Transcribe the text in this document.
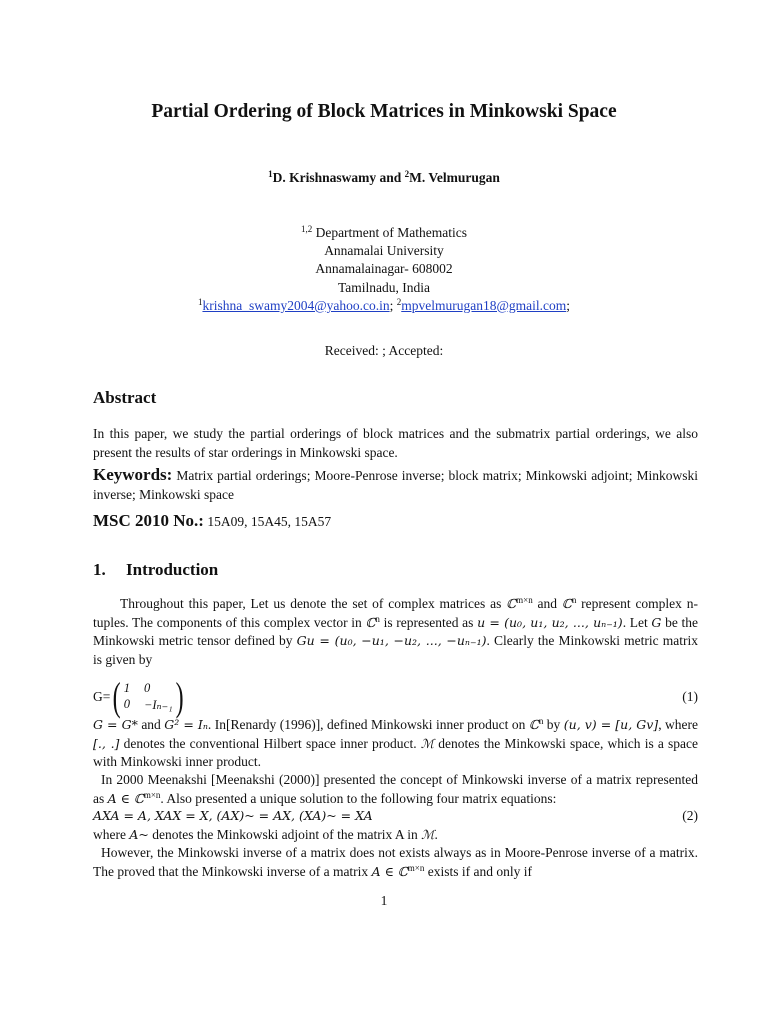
Partial Ordering of Block Matrices in Minkowski Space
$^1$D. Krishnaswamy and $^2$M. Velmurugan
$^{1,2}$ Department of Mathematics
Annamalai University
Annamalainagar- 608002
Tamilnadu, India
$^1$krishna_swamy2004@yahoo.co.in; $^2$mpvelmurugan18@gmail.com;
Received: ; Accepted:
Abstract
In this paper, we study the partial orderings of block matrices and the submatrix partial orderings, we also present the results of star orderings in Minkowski space.
Keywords: Matrix partial orderings; Moore-Penrose inverse; block matrix; Minkowski adjoint; Minkowski inverse; Minkowski space
MSC 2010 No.: 15A09, 15A45, 15A57
1. Introduction
Throughout this paper, Let us denote the set of complex matrices as ℂ$^{m\times n}$ and ℂ$^n$ represent complex n-tuples. The components of this complex vector in ℂ$^n$ is represented as u = (u₀, u₁, u₂, ..., uₙ₋₁). Let G be the Minkowski metric tensor defined by Gu = (u₀, −u₁, −u₂, ..., −uₙ₋₁). Clearly the Minkowski metric matrix is given by
G= ( 1 0
0 −Iₙ₋₁ )	(1)
G = G* and G² = Iₙ. In[Renardy (1996)], defined Minkowski inner product on ℂ$^n$ by (u, v) = [u, Gv], where [., .] denotes the conventional Hilbert space inner product. ℳ denotes the Minkowski space, which is a space with Minkowski inner product.
In 2000 Meenakshi [Meenakshi (2000)] presented the concept of Minkowski inverse of a matrix represented as A ∈ ℂ$^{m\times n}$. Also presented a unique solution to the following four matrix equations:
AXA = A, XAX = X, (AX)~ = AX, (XA)~ = XA	(2)
where A~ denotes the Minkowski adjoint of the matrix A in ℳ.
However, the Minkowski inverse of a matrix does not exists always as in Moore-Penrose inverse of a matrix. The proved that the Minkowski inverse of a matrix A ∈ ℂ$^{m\times n}$ exists if and only if
1
